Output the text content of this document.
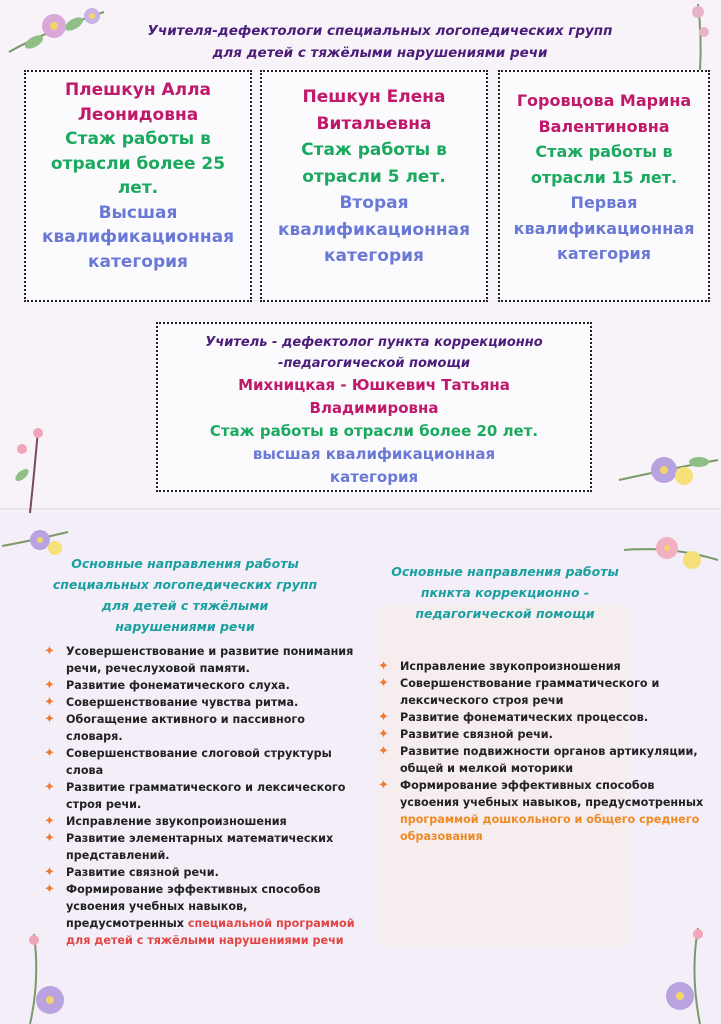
Учителя-дефектологи специальных логопедических групп
для детей с тяжёлыми нарушениями речи
Плешкун Алла
Леонидовна
Стаж работы в
отрасли более 25
лет.
Высшая
квалификационная
категория
Пешкун Елена
Витальевна
Стаж работы в
отрасли 5 лет.
Вторая
квалификационная
категория
Горовцова Марина
Валентиновна
Стаж работы в
отрасли 15 лет.
Первая
квалификационная
категория
Учитель - дефектолог пункта коррекционно
-педагогической помощи
Михницкая - Юшкевич Татьяна
Владимировна
Стаж работы в отрасли более 20 лет.
высшая квалификационная
категория
Основные направления работы
специальных логопедических групп
для детей с тяжёлыми
нарушениями речи
Основные направления работы
пкнкта коррекционно -
педагогической помощи
✦ Усовершенствование и развитие понимания речи, речеслуховой памяти.
✦ Развитие фонематического слуха.
✦ Совершенствование чувства ритма.
✦ Обогащение активного и пассивного словаря.
✦ Совершенствование слоговой структуры слова
✦ Развитие грамматического и лексического строя речи.
✦ Исправление звукопроизношения
✦ Развитие элементарных математических представлений.
✦ Развитие связной речи.
✦ Формирование эффективных способов усвоения учебных навыков, предусмотренных специальной программой для детей с тяжёлыми нарушениями речи
✦ Исправление звукопроизношения
✦ Совершенствование грамматического и лексического строя речи
✦ Развитие фонематических процессов.
✦ Развитие связной речи.
✦ Развитие подвижности органов артикуляции, общей и мелкой моторики
✦ Формирование эффективных способов усвоения учебных навыков, предусмотренных программой дошкольного и общего среднего образования
